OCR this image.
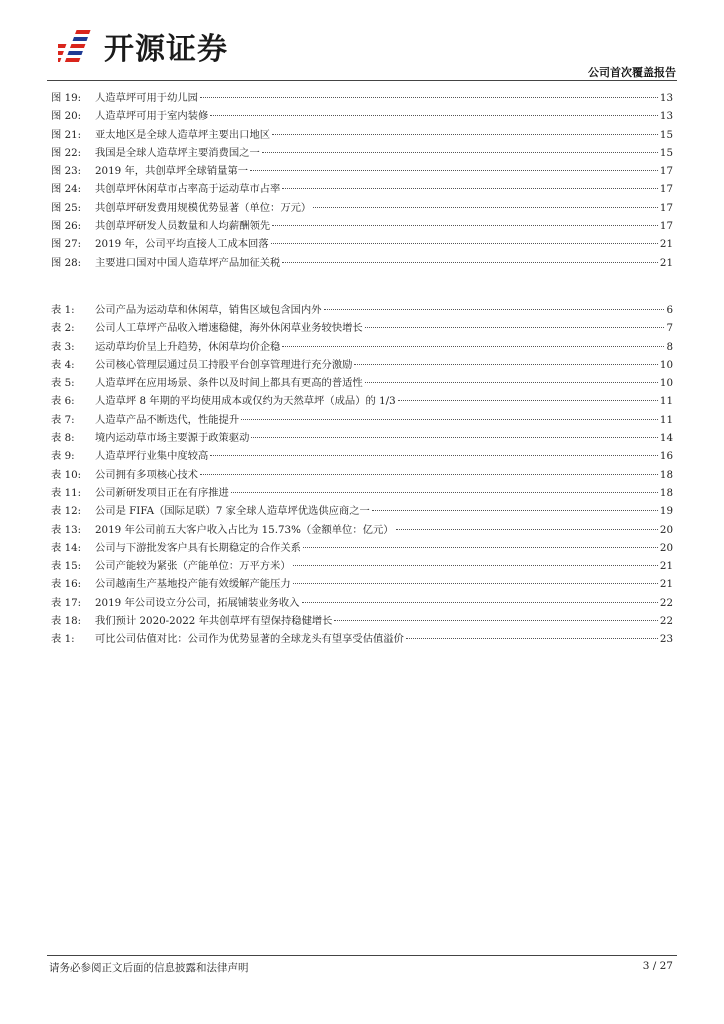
开源证券
公司首次覆盖报告
图 19:	人造草坪可用于幼儿园	13
图 20:	人造草坪可用于室内装修	13
图 21:	亚太地区是全球人造草坪主要出口地区	15
图 22:	我国是全球人造草坪主要消费国之一	15
图 23:	2019 年，共创草坪全球销量第一	17
图 24:	共创草坪休闲草市占率高于运动草市占率	17
图 25:	共创草坪研发费用规模优势显著（单位：万元）	17
图 26:	共创草坪研发人员数量和人均薪酬领先	17
图 27:	2019 年，公司平均直接人工成本回落	21
图 28:	主要进口国对中国人造草坪产品加征关税	21
表 1:	公司产品为运动草和休闲草，销售区域包含国内外	6
表 2:	公司人工草坪产品收入增速稳健，海外休闲草业务较快增长	7
表 3:	运动草均价呈上升趋势，休闲草均价企稳	8
表 4:	公司核心管理层通过员工持股平台创享管理进行充分激励	10
表 5:	人造草坪在应用场景、条件以及时间上都具有更高的普适性	10
表 6:	人造草坪 8 年期的平均使用成本或仅约为天然草坪（成品）的 1/3	11
表 7:	人造草产品不断迭代，性能提升	11
表 8:	境内运动草市场主要源于政策驱动	14
表 9:	人造草坪行业集中度较高	16
表 10:	公司拥有多项核心技术	18
表 11:	公司新研发项目正在有序推进	18
表 12:	公司是 FIFA（国际足联）7 家全球人造草坪优选供应商之一	19
表 13:	2019 年公司前五大客户收入占比为 15.73%（金额单位：亿元）	20
表 14:	公司与下游批发客户具有长期稳定的合作关系	20
表 15:	公司产能较为紧张（产能单位：万平方米）	21
表 16:	公司越南生产基地投产能有效缓解产能压力	21
表 17:	2019 年公司设立分公司，拓展铺装业务收入	22
表 18:	我们预计 2020-2022 年共创草坪有望保持稳健增长	22
表 1:	可比公司估值对比：公司作为优势显著的全球龙头有望享受估值溢价	23
请务必参阅正文后面的信息披露和法律声明	3 / 27
